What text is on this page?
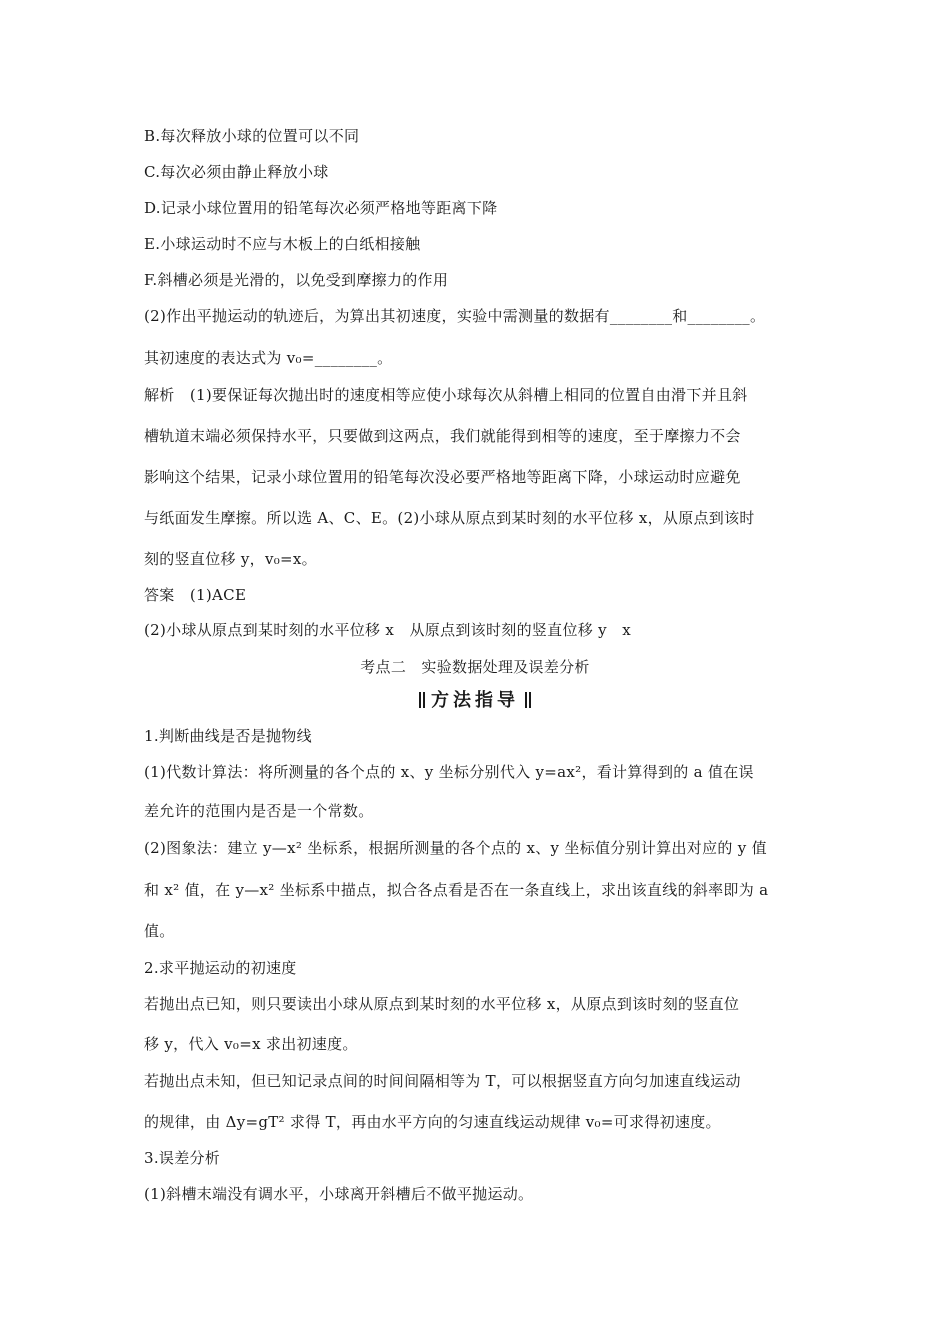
B.每次释放小球的位置可以不同
C.每次必须由静止释放小球
D.记录小球位置用的铅笔每次必须严格地等距离下降
E.小球运动时不应与木板上的白纸相接触
F.斜槽必须是光滑的，以免受到摩擦力的作用
(2)作出平抛运动的轨迹后，为算出其初速度，实验中需测量的数据有________和________。
其初速度的表达式为 v₀=________。
解析　(1)要保证每次抛出时的速度相等应使小球每次从斜槽上相同的位置自由滑下并且斜
槽轨道末端必须保持水平，只要做到这两点，我们就能得到相等的速度，至于摩擦力不会
影响这个结果，记录小球位置用的铅笔每次没必要严格地等距离下降，小球运动时应避免
与纸面发生摩擦。所以选 A、C、E。(2)小球从原点到某时刻的水平位移 x，从原点到该时
刻的竖直位移 y，v₀=x。
答案　(1)ACE
(2)小球从原点到某时刻的水平位移 x　从原点到该时刻的竖直位移 y　x
考点二　实验数据处理及误差分析
方法指导
1.判断曲线是否是抛物线
(1)代数计算法：将所测量的各个点的 x、y 坐标分别代入 y=ax²，看计算得到的 a 值在误
差允许的范围内是否是一个常数。
(2)图象法：建立 y—x² 坐标系，根据所测量的各个点的 x、y 坐标值分别计算出对应的 y 值
和 x² 值，在 y—x² 坐标系中描点，拟合各点看是否在一条直线上，求出该直线的斜率即为 a
值。
2.求平抛运动的初速度
若抛出点已知，则只要读出小球从原点到某时刻的水平位移 x，从原点到该时刻的竖直位
移 y，代入 v₀=x 求出初速度。
若抛出点未知，但已知记录点间的时间间隔相等为 T，可以根据竖直方向匀加速直线运动
的规律，由 Δy=gT² 求得 T，再由水平方向的匀速直线运动规律 v₀=可求得初速度。
3.误差分析
(1)斜槽末端没有调水平，小球离开斜槽后不做平抛运动。
